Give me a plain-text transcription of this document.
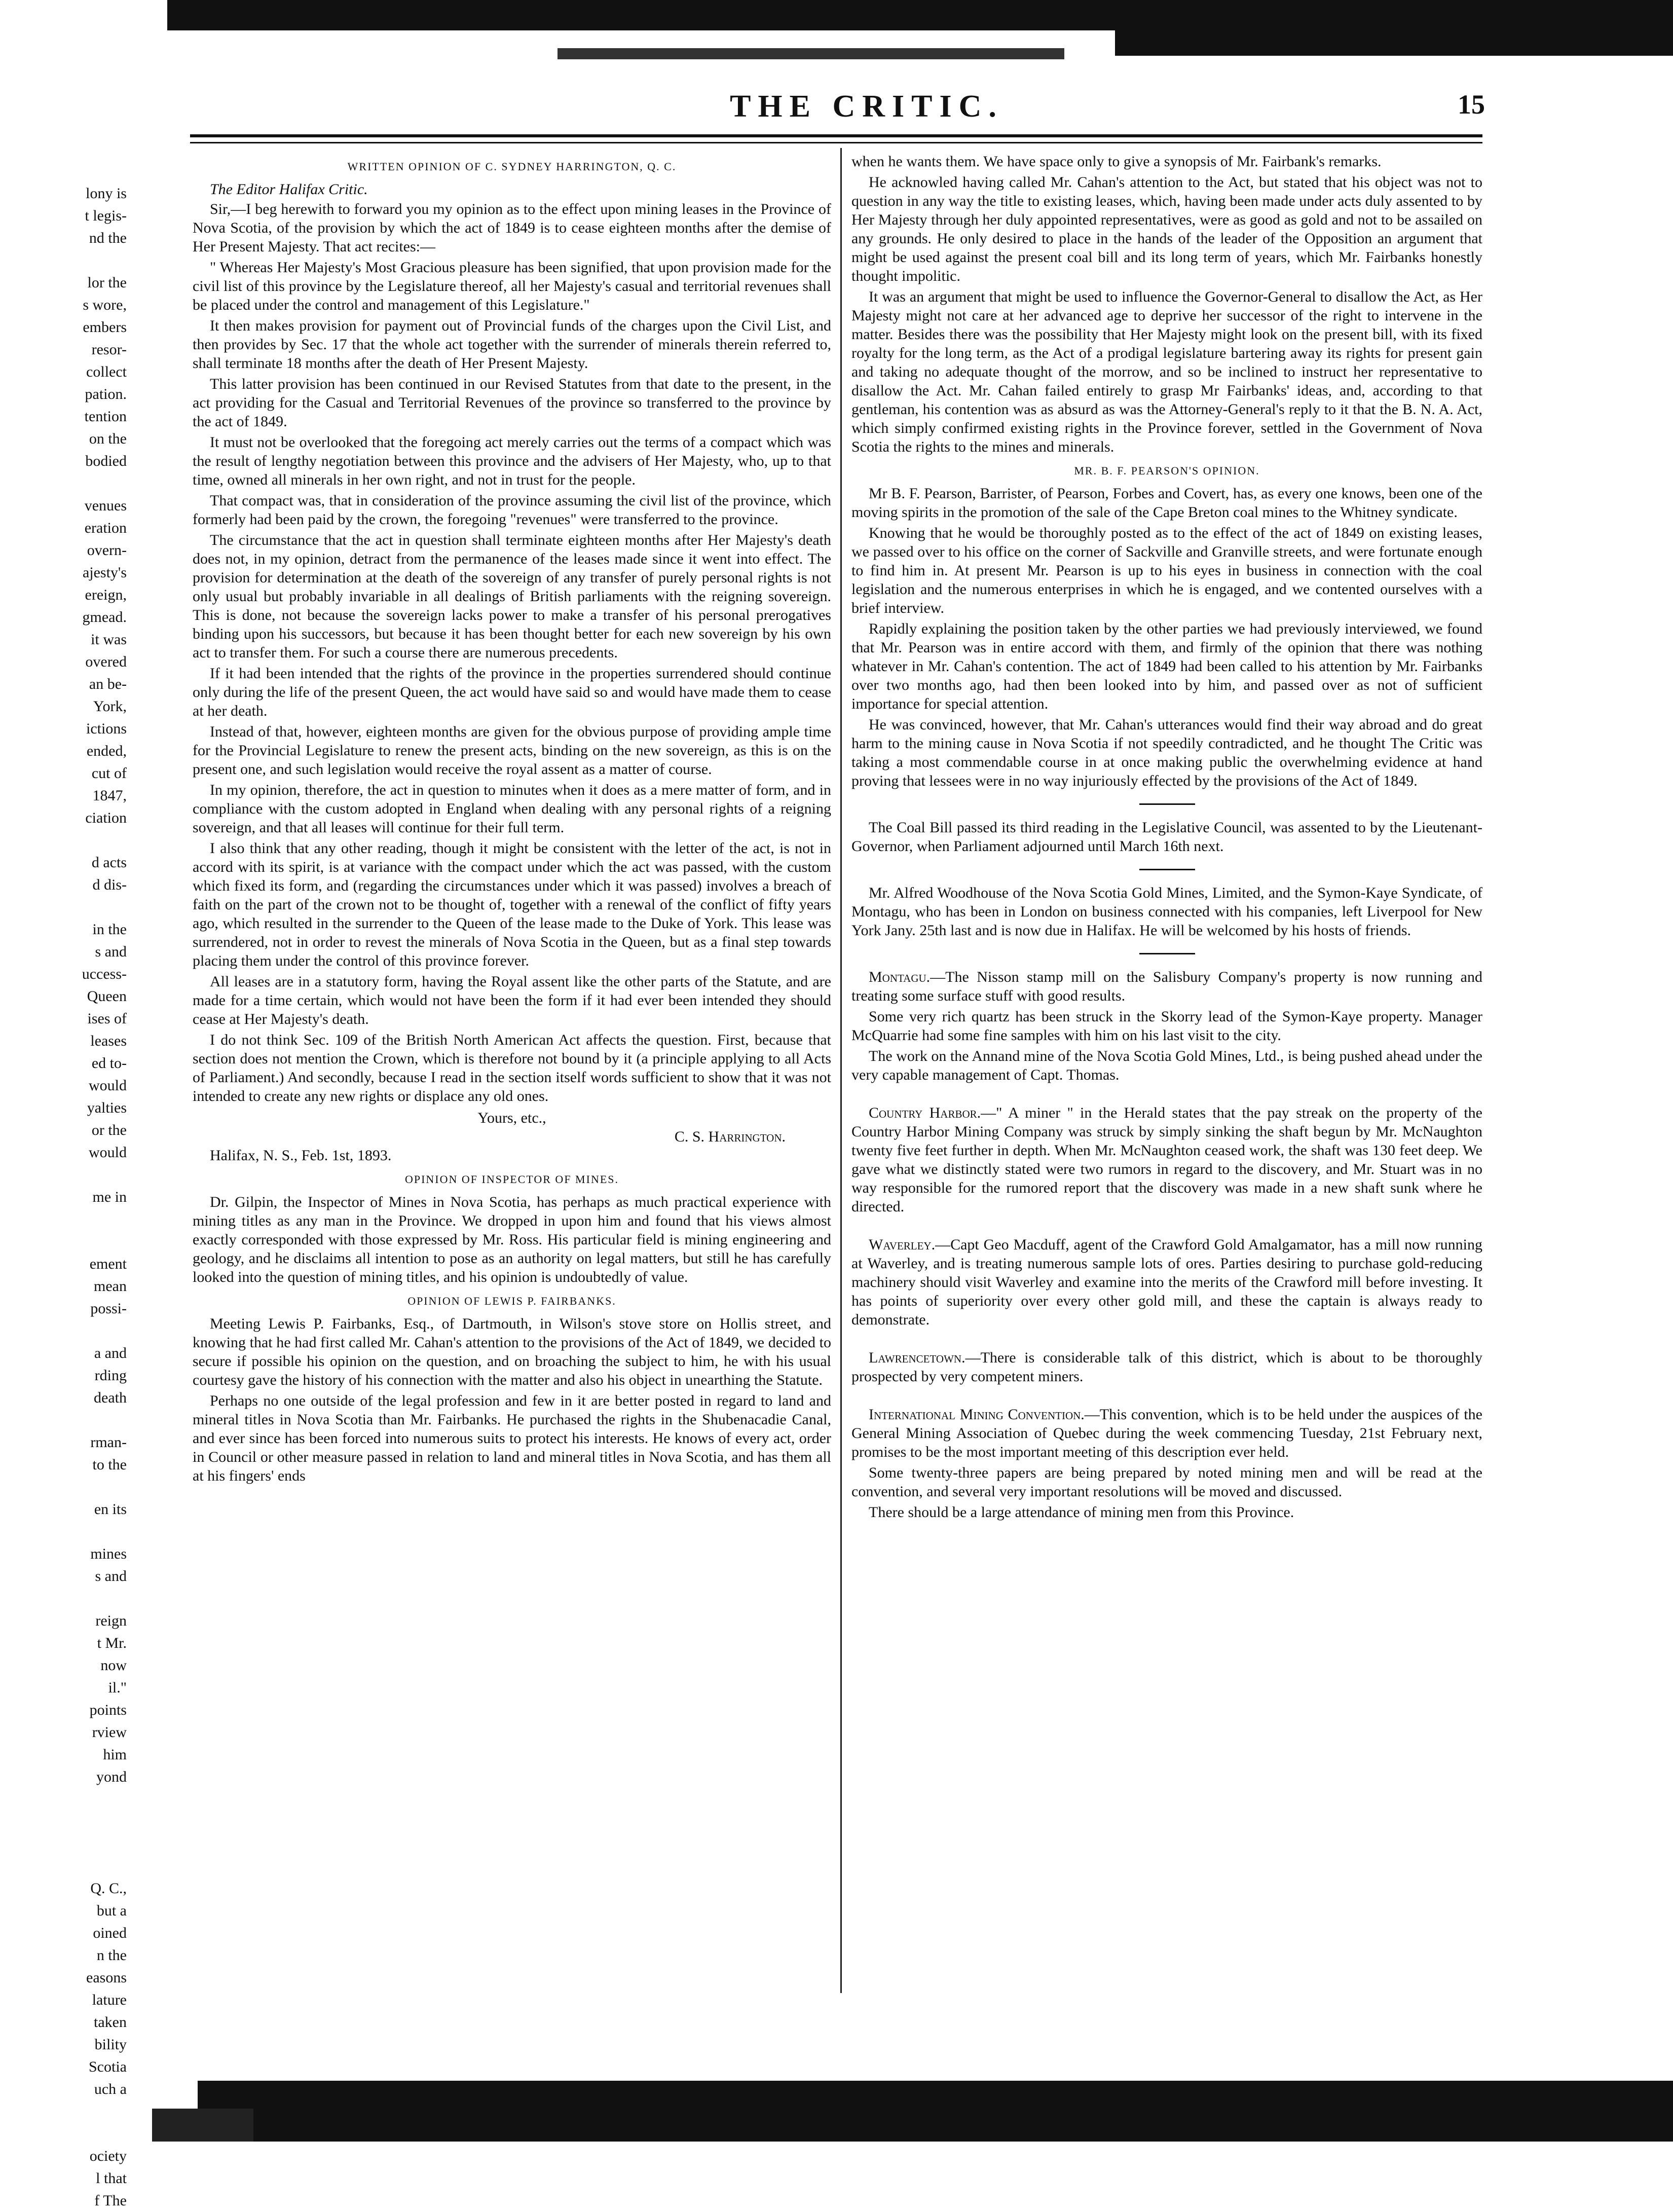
THE CRITIC.	15
lony is
t legis-
nd the
lor the
s wore,
embers
resor-
collect
pation.
tention
on the
bodied
venues
eration
overn-
ajesty's
ereign,
gmead.
it was
overed
an be-
York,
ictions
ended,
cut of
1847,
ciation
d acts
d dis-
in the
s and
uccess-
Queen
ises of
leases
ed to-
would
yalties
or the
would
me in
ement
mean
possi-
a and
rding
death
rman-
to the
en its
mines
s and
reign
t Mr.
now
il."
points
rview
him
yond
Q. C.,
but a
oined
n the
easons
lature
taken
bility
Scotia
uch a
ociety
l that
f The
WRITTEN OPINION OF C. SYDNEY HARRINGTON, Q. C.
The Editor Halifax Critic.

Sir,—I beg herewith to forward you my opinion as to the effect upon mining leases in the Province of Nova Scotia, of the provision by which the act of 1849 is to cease eighteen months after the demise of Her Present Majesty. That act recites:—

" Whereas Her Majesty's Most Gracious pleasure has been signified, that upon provision made for the civil list of this province by the Legislature thereof, all her Majesty's casual and territorial revenues shall be placed under the control and management of this Legislature."

It then makes provision for payment out of Provincial funds of the charges upon the Civil List, and then provides by Sec. 17 that the whole act together with the surrender of minerals therein referred to, shall terminate 18 months after the death of Her Present Majesty.

This latter provision has been continued in our Revised Statutes from that date to the present, in the act providing for the Casual and Territorial Revenues of the province so transferred to the province by the act of 1849.

It must not be overlooked that the foregoing act merely carries out the terms of a compact which was the result of lengthy negotiation between this province and the advisers of Her Majesty, who, up to that time, owned all minerals in her own right, and not in trust for the people.

That compact was, that in consideration of the province assuming the civil list of the province, which formerly had been paid by the crown, the foregoing "revenues" were transferred to the province.

The circumstance that the act in question shall terminate eighteen months after Her Majesty's death does not, in my opinion, detract from the permanence of the leases made since it went into effect. The provision for determination at the death of the sovereign of any transfer of purely personal rights is not only usual but probably invariable in all dealings of British parliaments with the reigning sovereign. This is done, not because the sovereign lacks power to make a transfer of his personal prerogatives binding upon his successors, but because it has been thought better for each new sovereign by his own act to transfer them. For such a course there are numerous precedents.

If it had been intended that the rights of the province in the properties surrendered should continue only during the life of the present Queen, the act would have said so and would have made them to cease at her death.

Instead of that, however, eighteen months are given for the obvious purpose of providing ample time for the Provincial Legislature to renew the present acts, binding on the new sovereign, as this is on the present one, and such legislation would receive the royal assent as a matter of course.

In my opinion, therefore, the act in question to minutes when it does as a mere matter of form, and in compliance with the custom adopted in England when dealing with any personal rights of a reigning sovereign, and that all leases will continue for their full term.

I also think that any other reading, though it might be consistent with the letter of the act, is not in accord with its spirit, is at variance with the compact under which the act was passed, with the custom which fixed its form, and (regarding the circumstances under which it was passed) involves a breach of faith on the part of the crown not to be thought of, together with a renewal of the conflict of fifty years ago, which resulted in the surrender to the Queen of the lease made to the Duke of York. This lease was surrendered, not in order to revest the minerals of Nova Scotia in the Queen, but as a final step towards placing them under the control of this province forever.

All leases are in a statutory form, having the Royal assent like the other parts of the Statute, and are made for a time certain, which would not have been the form if it had ever been intended they should cease at Her Majesty's death.

I do not think Sec. 109 of the British North American Act affects the question. First, because that section does not mention the Crown, which is therefore not bound by it (a principle applying to all Acts of Parliament.) And secondly, because I read in the section itself words sufficient to show that it was not intended to create any new rights or displace any old ones.

Yours, etc.,
C. S. Harrington.
Halifax, N. S., Feb. 1st, 1893.
OPINION OF INSPECTOR OF MINES.

Dr. Gilpin, the Inspector of Mines in Nova Scotia, has perhaps as much practical experience with mining titles as any man in the Province. We dropped in upon him and found that his views almost exactly corresponded with those expressed by Mr. Ross. His particular field is mining engineering and geology, and he disclaims all intention to pose as an authority on legal matters, but still he has carefully looked into the question of mining titles, and his opinion is undoubtedly of value.

OPINION OF LEWIS P. FAIRBANKS.

Meeting Lewis P. Fairbanks, Esq., of Dartmouth, in Wilson's stove store on Hollis street, and knowing that he had first called Mr. Cahan's attention to the provisions of the Act of 1849, we decided to secure if possible his opinion on the question, and on broaching the subject to him, he with his usual courtesy gave the history of his connection with the matter and also his object in unearthing the Statute.

Perhaps no one outside of the legal profession and few in it are better posted in regard to land and mineral titles in Nova Scotia than Mr. Fairbanks. He purchased the rights in the Shubenacadie Canal, and ever since has been forced into numerous suits to protect his interests. He knows of every act, order in Council or other measure passed in relation to land and mineral titles in Nova Scotia, and has them all at his fingers' ends

when he wants them. We have space only to give a synopsis of Mr. Fairbank's remarks.

He acknowled having called Mr. Cahan's attention to the Act, but stated that his object was not to question in any way the title to existing leases, which, having been made under acts duly assented to by Her Majesty through her duly appointed representatives, were as good as gold and not to be assailed on any grounds. He only desired to place in the hands of the leader of the Opposition an argument that might be used against the present coal bill and its long term of years, which Mr. Fairbanks honestly thought impolitic.

It was an argument that might be used to influence the Governor-General to disallow the Act, as Her Majesty might not care at her advanced age to deprive her successor of the right to intervene in the matter. Besides there was the possibility that Her Majesty might look on the present bill, with its fixed royalty for the long term, as the Act of a prodigal legislature bartering away its rights for present gain and taking no adequate thought of the morrow, and so be inclined to instruct her representative to disallow the Act. Mr. Cahan failed entirely to grasp Mr Fairbanks' ideas, and, according to that gentleman, his contention was as absurd as was the Attorney-General's reply to it that the B. N. A. Act, which simply confirmed existing rights in the Province forever, settled in the Government of Nova Scotia the rights to the mines and minerals.

MR. B. F. PEARSON'S OPINION.

Mr B. F. Pearson, Barrister, of Pearson, Forbes and Covert, has, as every one knows, been one of the moving spirits in the promotion of the sale of the Cape Breton coal mines to the Whitney syndicate.

Knowing that he would be thoroughly posted as to the effect of the act of 1849 on existing leases, we passed over to his office on the corner of Sackville and Granville streets, and were fortunate enough to find him in. At present Mr. Pearson is up to his eyes in business in connection with the coal legislation and the numerous enterprises in which he is engaged, and we contented ourselves with a brief interview.

Rapidly explaining the position taken by the other parties we had previously interviewed, we found that Mr. Pearson was in entire accord with them, and firmly of the opinion that there was nothing whatever in Mr. Cahan's contention. The act of 1849 had been called to his attention by Mr. Fairbanks over two months ago, had then been looked into by him, and passed over as not of sufficient importance for special attention.

He was convinced, however, that Mr. Cahan's utterances would find their way abroad and do great harm to the mining cause in Nova Scotia if not speedily contradicted, and he thought The Critic was taking a most commendable course in at once making public the overwhelming evidence at hand proving that lessees were in no way injuriously effected by the provisions of the Act of 1849.

The Coal Bill passed its third reading in the Legislative Council, was assented to by the Lieutenant-Governor, when Parliament adjourned until March 16th next.

Mr. Alfred Woodhouse of the Nova Scotia Gold Mines, Limited, and the Symon-Kaye Syndicate, of Montagu, who has been in London on business connected with his companies, left Liverpool for New York Jany. 25th last and is now due in Halifax. He will be welcomed by his hosts of friends.

Montagu.—The Nisson stamp mill on the Salisbury Company's property is now running and treating some surface stuff with good results.

Some very rich quartz has been struck in the Skorry lead of the Symon-Kaye property. Manager McQuarrie had some fine samples with him on his last visit to the city.

The work on the Annand mine of the Nova Scotia Gold Mines, Ltd., is being pushed ahead under the very capable management of Capt. Thomas.

Country Harbor.—" A miner " in the Herald states that the pay streak on the property of the Country Harbor Mining Company was struck by simply sinking the shaft begun by Mr. McNaughton twenty five feet further in depth. When Mr. McNaughton ceased work, the shaft was 130 feet deep. We gave what we distinctly stated were two rumors in regard to the discovery, and Mr. Stuart was in no way responsible for the rumored report that the discovery was made in a new shaft sunk where he directed.

Waverley.—Capt Geo Macduff, agent of the Crawford Gold Amalgamator, has a mill now running at Waverley, and is treating numerous sample lots of ores. Parties desiring to purchase gold-reducing machinery should visit Waverley and examine into the merits of the Crawford mill before investing. It has points of superiority over every other gold mill, and these the captain is always ready to demonstrate.

Lawrencetown.—There is considerable talk of this district, which is about to be thoroughly prospected by very competent miners.

International Mining Convention.—This convention, which is to be held under the auspices of the General Mining Association of Quebec during the week commencing Tuesday, 21st February next, promises to be the most important meeting of this description ever held.

Some twenty-three papers are being prepared by noted mining men and will be read at the convention, and several very important resolutions will be moved and discussed.

There should be a large attendance of mining men from this Province.
